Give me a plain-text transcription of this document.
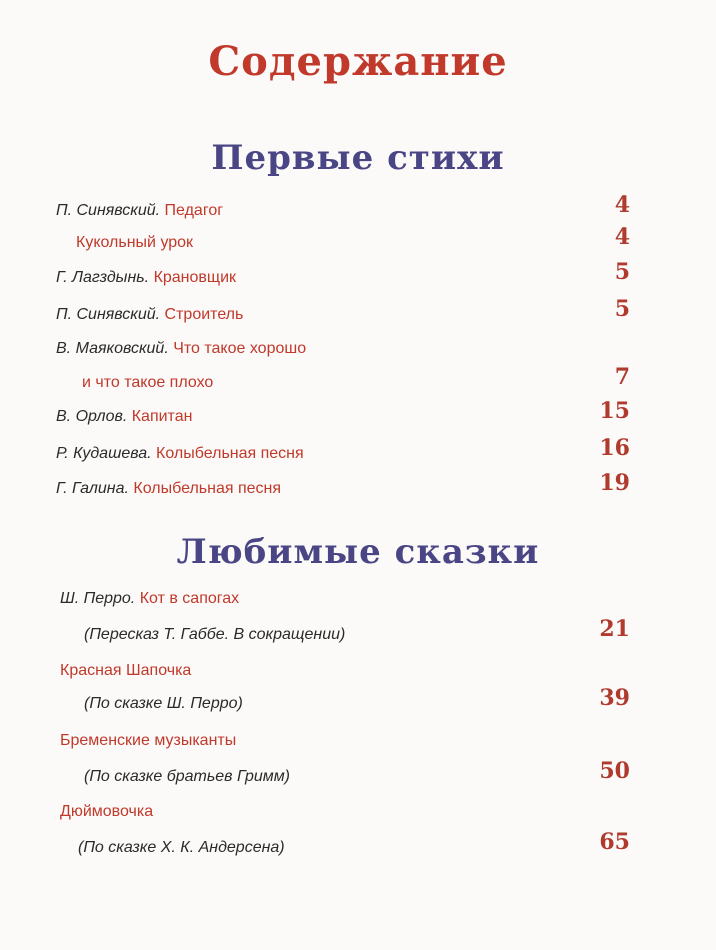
Содержание
Первые стихи
П. Синявский. Педагог	4
Кукольный урок	4
Г. Лагздынь. Крановщик	5
П. Синявский. Строитель	5
В. Маяковский. Что такое хорошо
и что такое плохо	7
В. Орлов. Капитан	15
Р. Кудашева. Колыбельная песня	16
Г. Галина. Колыбельная песня	19
Любимые сказки
Ш. Перро. Кот в сапогах
(Пересказ Т. Габбе. В сокращении)	21
Красная Шапочка
(По сказке Ш. Перро)	39
Бременские музыканты
(По сказке братьев Гримм)	50
Дюймовочка
(По сказке Х. К. Андерсена)	65
